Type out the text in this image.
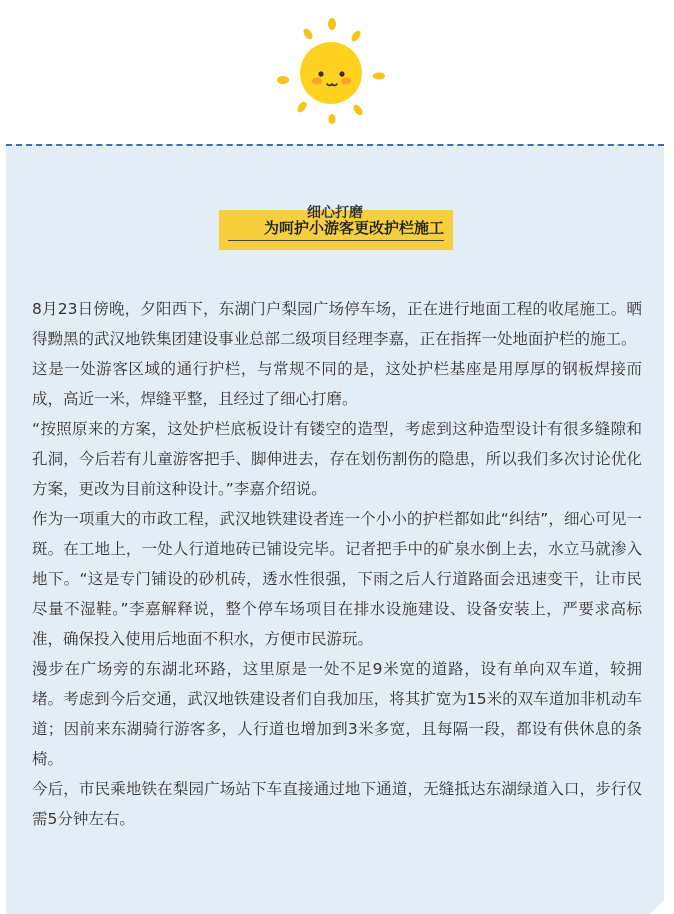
细心打磨
为呵护小游客更改护栏施工

8月23日傍晚，夕阳西下，东湖门户梨园广场停车场，正在进行地面工程的收尾施工。晒得黝黑的武汉地铁集团建设事业总部二级项目经理李嘉，正在指挥一处地面护栏的施工。

这是一处游客区域的通行护栏，与常规不同的是，这处护栏基座是用厚厚的钢板焊接而成，高近一米，焊缝平整，且经过了细心打磨。

“按照原来的方案，这处护栏底板设计有镂空的造型，考虑到这种造型设计有很多缝隙和孔洞，今后若有儿童游客把手、脚伸进去，存在划伤割伤的隐患，所以我们多次讨论优化方案，更改为目前这种设计。”李嘉介绍说。

作为一项重大的市政工程，武汉地铁建设者连一个小小的护栏都如此“纠结”，细心可见一斑。在工地上，一处人行道地砖已铺设完毕。记者把手中的矿泉水倒上去，水立马就渗入地下。“这是专门铺设的砂机砖，透水性很强，下雨之后人行道路面会迅速变干，让市民尽量不湿鞋。”李嘉解释说，整个停车场项目在排水设施建设、设备安装上，严要求高标准，确保投入使用后地面不积水，方便市民游玩。

漫步在广场旁的东湖北环路，这里原是一处不足9米宽的道路，设有单向双车道，较拥堵。考虑到今后交通，武汉地铁建设者们自我加压，将其扩宽为15米的双车道加非机动车道；因前来东湖骑行游客多，人行道也增加到3米多宽，且每隔一段，都设有供休息的条椅。

今后，市民乘地铁在梨园广场站下车直接通过地下通道，无缝抵达东湖绿道入口，步行仅需5分钟左右。
